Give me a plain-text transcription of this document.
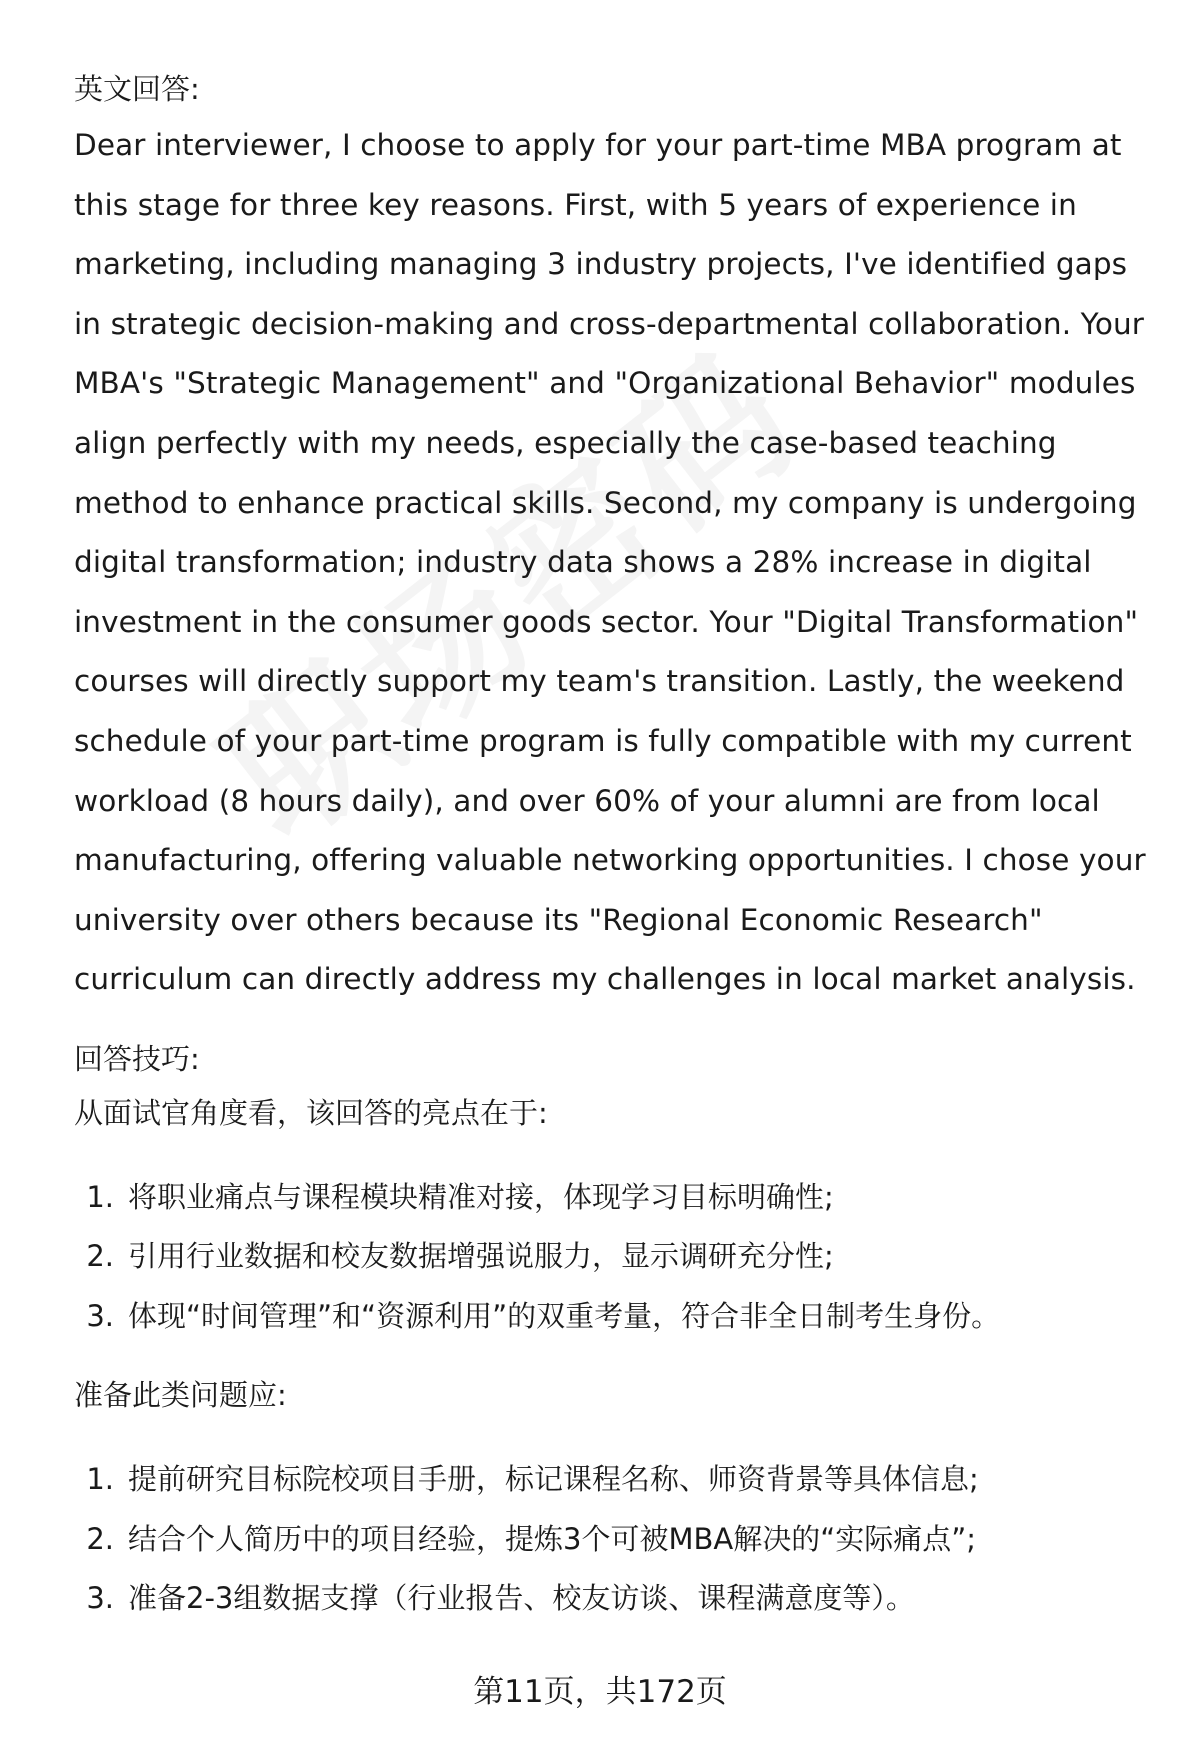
英文回答:

Dear interviewer, I choose to apply for your part-time MBA program at this stage for three key reasons. First, with 5 years of experience in marketing, including managing 3 industry projects, I've identified gaps in strategic decision-making and cross-departmental collaboration. Your MBA's "Strategic Management" and "Organizational Behavior" modules align perfectly with my needs, especially the case-based teaching method to enhance practical skills. Second, my company is undergoing digital transformation; industry data shows a 28% increase in digital investment in the consumer goods sector. Your "Digital Transformation" courses will directly support my team's transition. Lastly, the weekend schedule of your part-time program is fully compatible with my current workload (8 hours daily), and over 60% of your alumni are from local manufacturing, offering valuable networking opportunities. I chose your university over others because its "Regional Economic Research" curriculum can directly address my challenges in local market analysis.

回答技巧:

从面试官角度看，该回答的亮点在于:

1. 将职业痛点与课程模块精准对接，体现学习目标明确性;
2. 引用行业数据和校友数据增强说服力，显示调研充分性;
3. 体现“时间管理”和“资源利用”的双重考量，符合非全日制考生身份。

准备此类问题应:

1. 提前研究目标院校项目手册，标记课程名称、师资背景等具体信息;
2. 结合个人简历中的项目经验，提炼3个可被MBA解决的“实际痛点”;
3. 准备2-3组数据支撑（行业报告、校友访谈、课程满意度等）。
第11页，共172页
